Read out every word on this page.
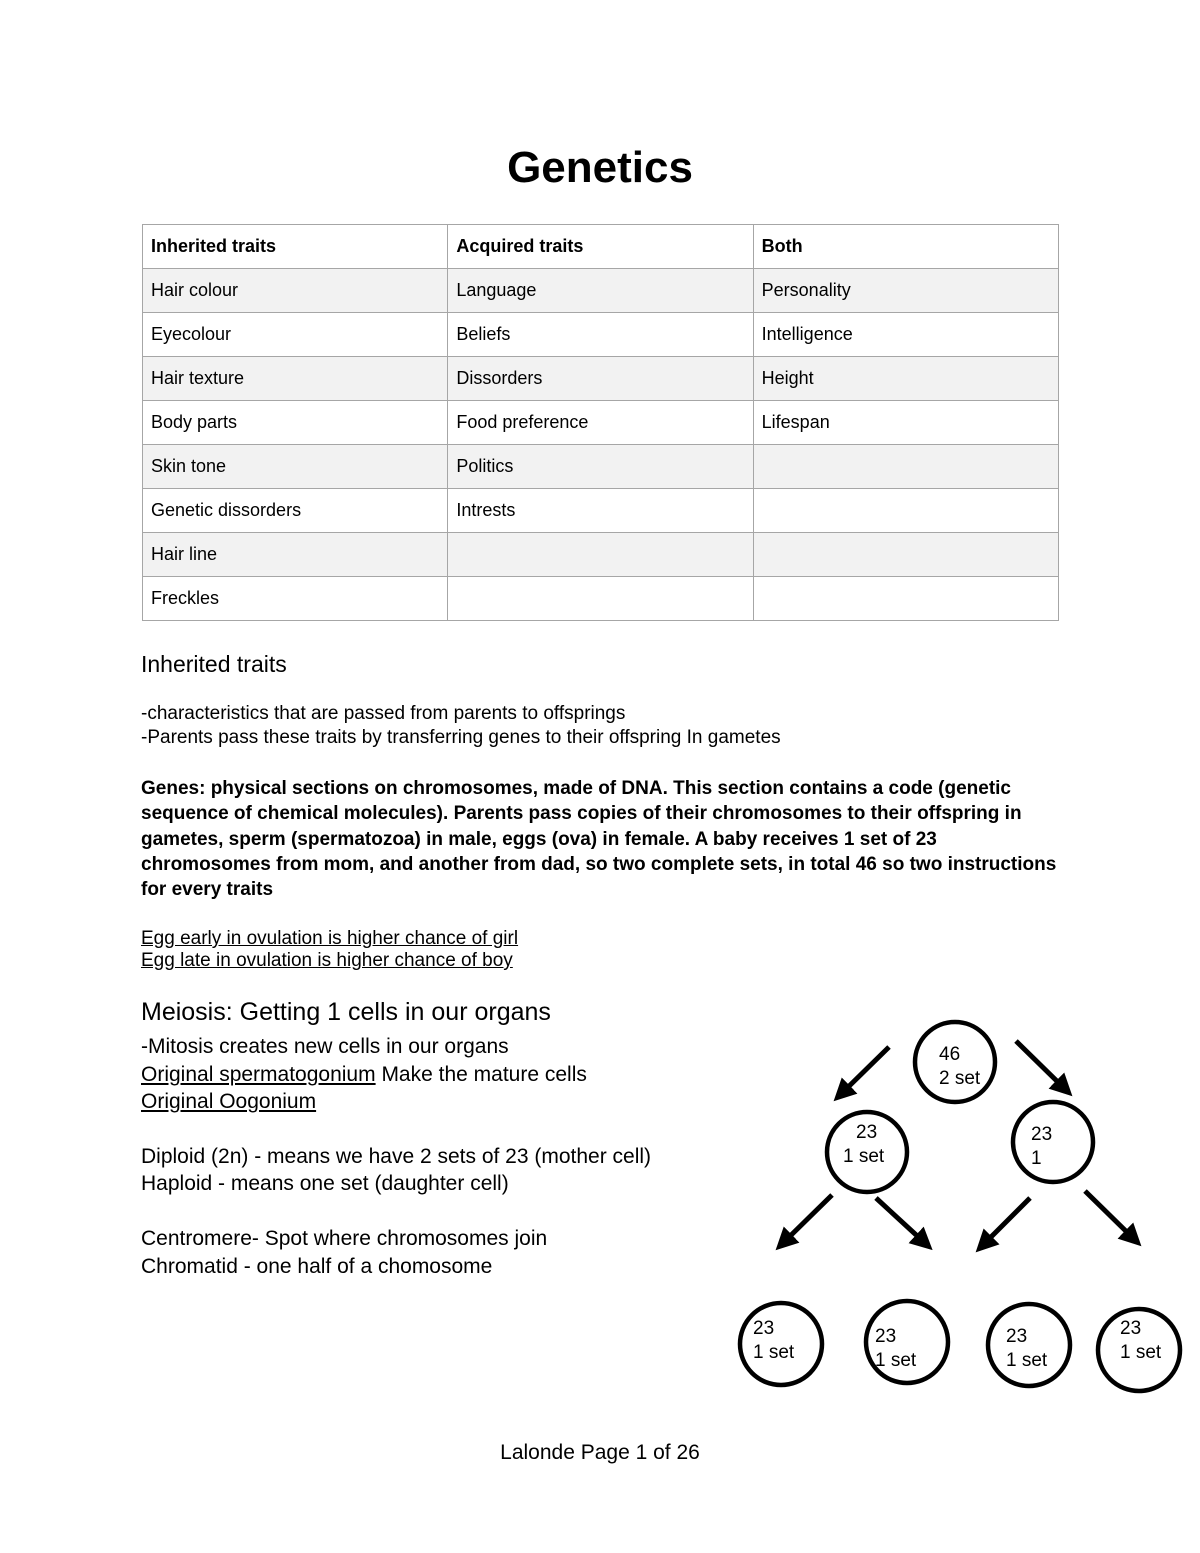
Genetics
Inherited traits	Acquired traits	Both
Hair colour	Language	Personality
Eyecolour	Beliefs	Intelligence
Hair texture	Dissorders	Height
Body parts	Food preference	Lifespan
Skin tone	Politics	
Genetic dissorders	Intrests	
Hair line		
Freckles		
Inherited traits

-characteristics that are passed from parents to offsprings

-Parents pass these traits by transferring genes to their offspring In gametes

Genes: physical sections on chromosomes, made of DNA. This section contains a code (genetic sequence of chemical molecules). Parents pass copies of their chromosomes to their offspring in gametes, sperm (spermatozoa) in male, eggs (ova) in female. A baby receives 1 set of 23 chromosomes from mom, and another from dad, so two complete sets, in total 46 so two instructions for every traits

Egg early in ovulation is higher chance of girl

Egg late in ovulation is higher chance of boy

Meiosis: Getting 1 cells in our organs

-Mitosis creates new cells in our organs

Original spermatogonium Make the mature cells

Original Oogonium

Diploid (2n) - means we have 2 sets of 23 (mother cell)

Haploid - means one set (daughter cell)

Centromere- Spot where chromosomes join

Chromatid - one half of a chomosome

46
2 set
23
1 set
23
1
23
1 set
23
1 set
23
1 set
23
1 set

Lalonde Page 1 of 26
